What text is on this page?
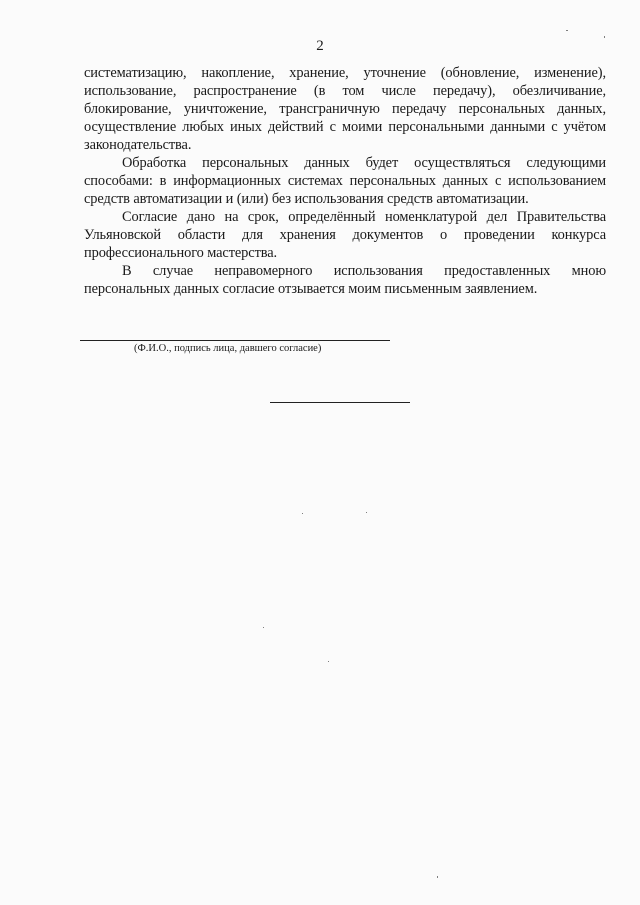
2

систематизацию, накопление, хранение, уточнение (обновление, изменение), использование, распространение (в том числе передачу), обезличивание, блокирование, уничтожение, трансграничную передачу персональных данных, осуществление любых иных действий с моими персональными данными с учётом законодательства.

Обработка персональных данных будет осуществляться следующими способами: в информационных системах персональных данных с использованием средств автоматизации и (или) без использования средств автоматизации.

Согласие дано на срок, определённый номенклатурой дел Правительства Ульяновской области для хранения документов о проведении конкурса профессионального мастерства.

В случае неправомерного использования предоставленных мною персональных данных согласие отзывается моим письменным заявлением.

(Ф.И.О., подпись лица, давшего согласие)
